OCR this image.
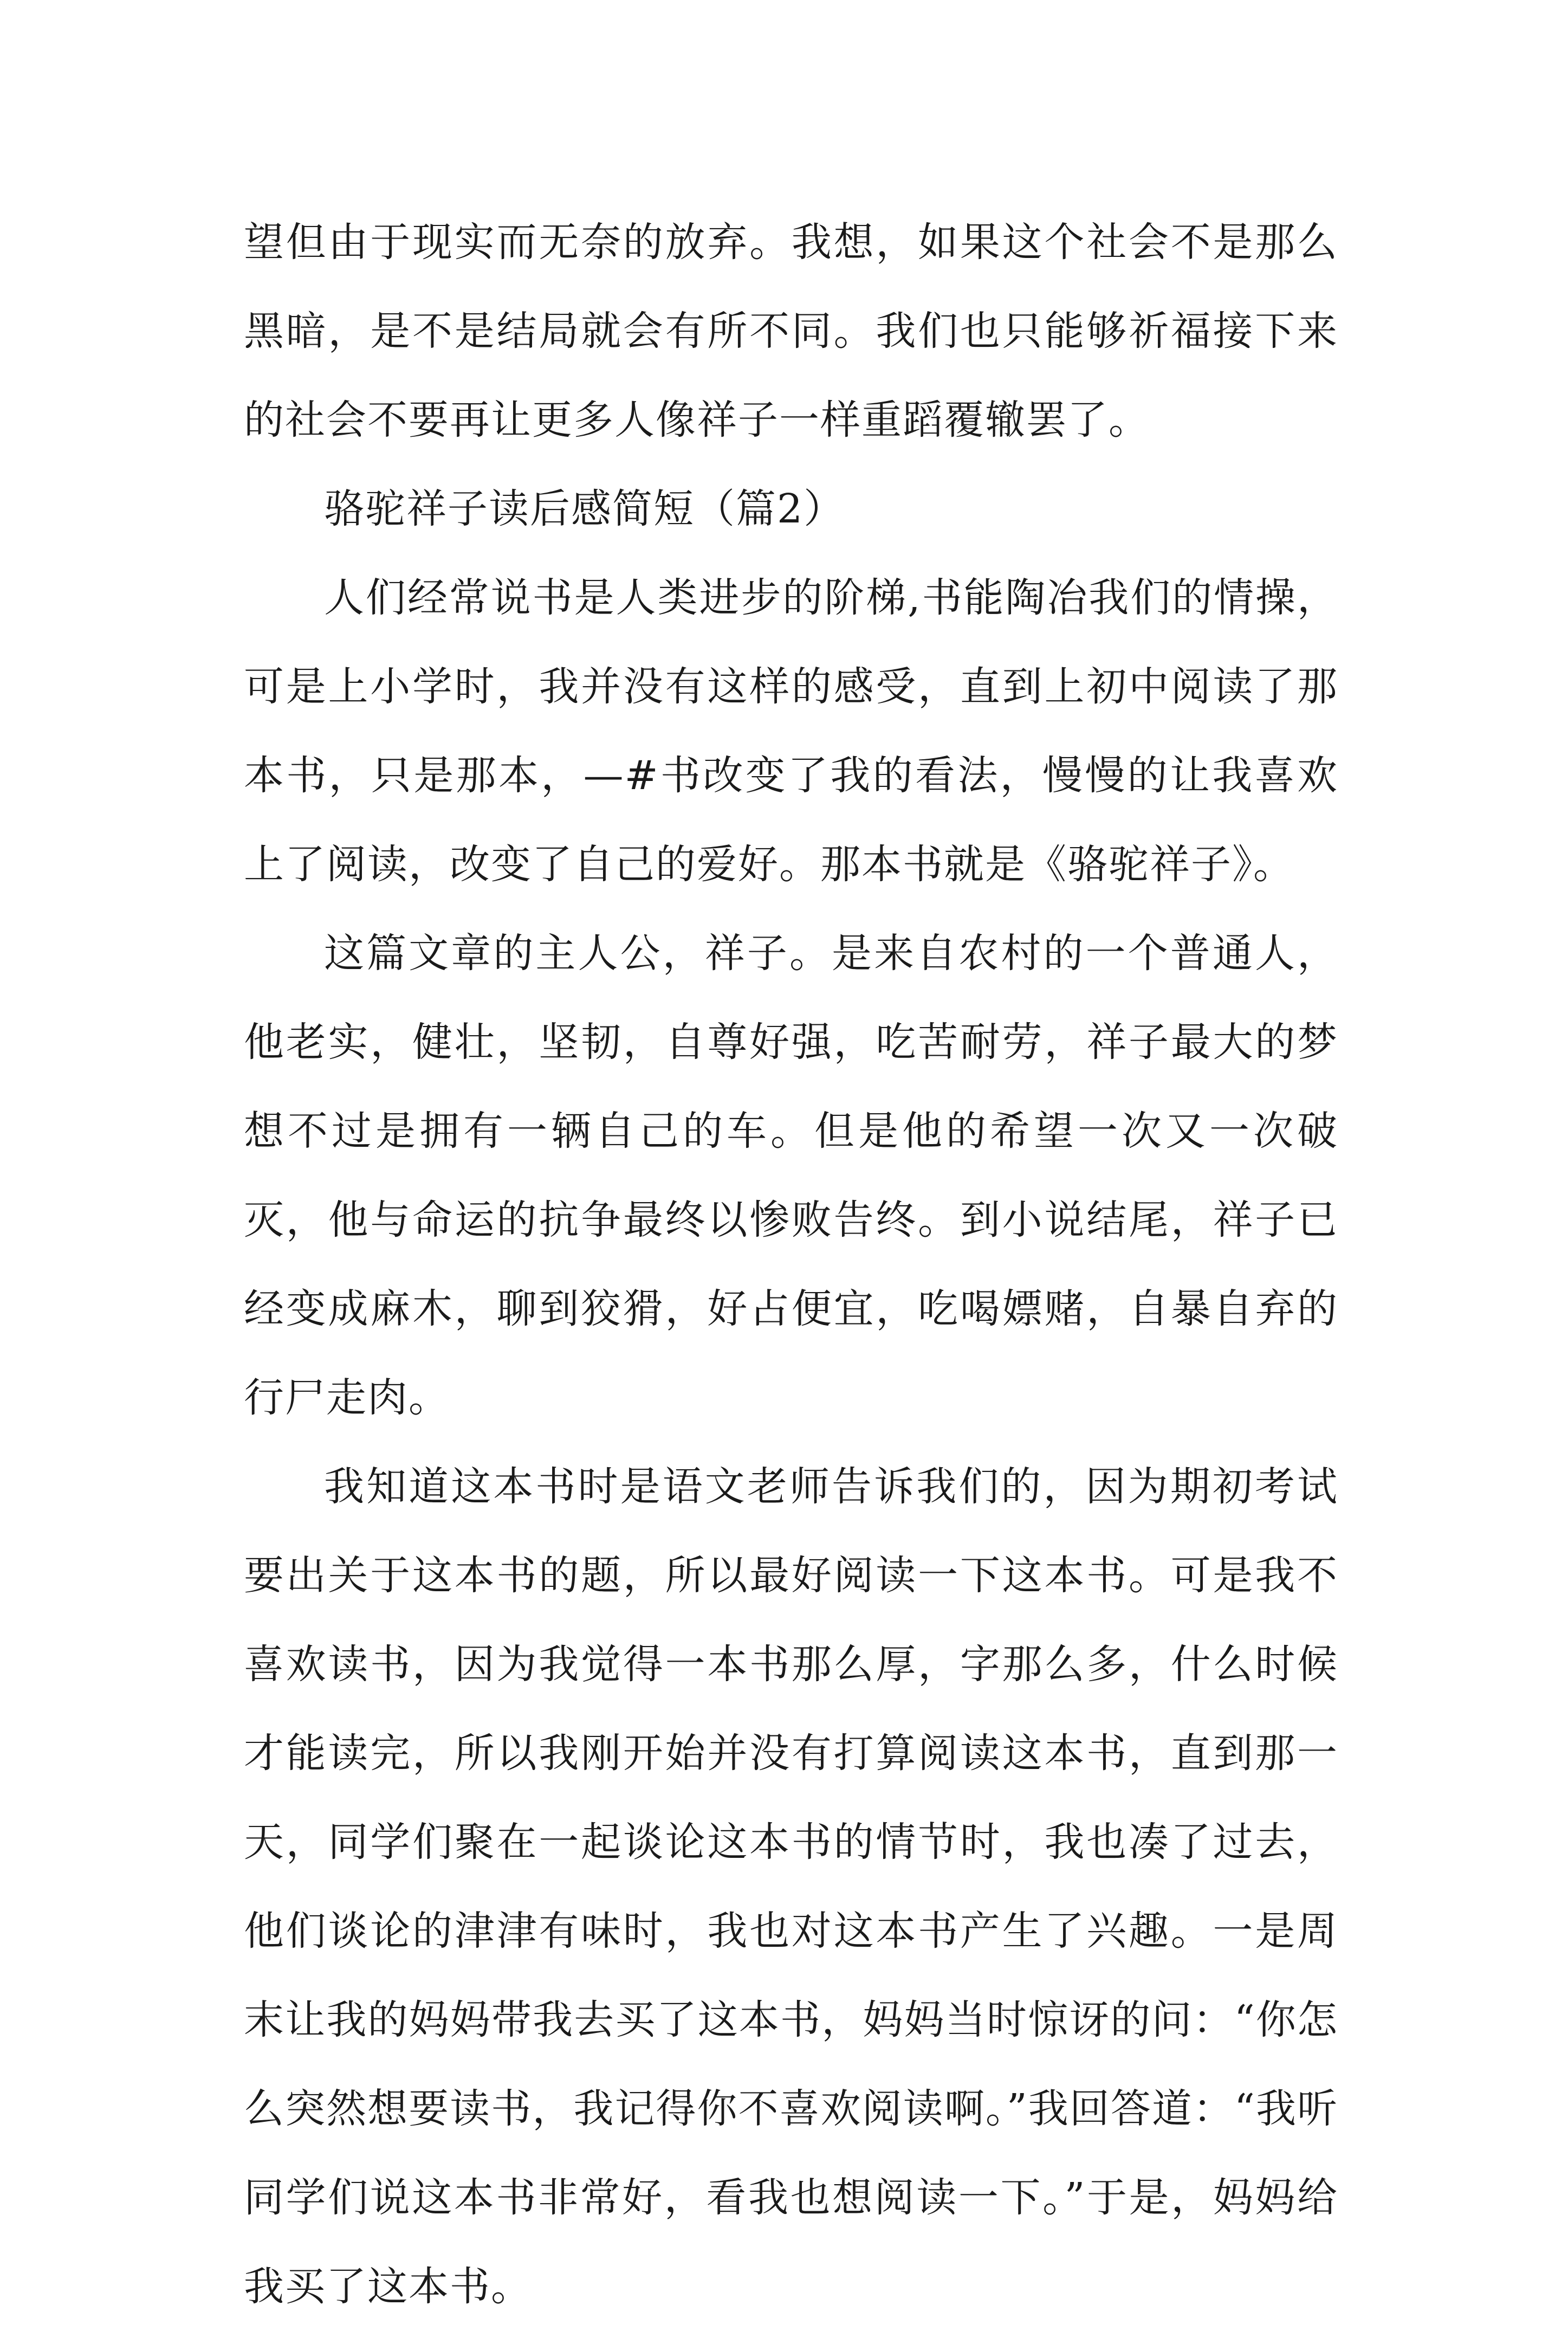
望但由于现实而无奈的放弃。我想，如果这个社会不是那么黑暗，是不是结局就会有所不同。我们也只能够祈福接下来的社会不要再让更多人像祥子一样重蹈覆辙罢了。

骆驼祥子读后感简短（篇2）

人们经常说书是人类进步的阶梯,书能陶冶我们的情操，可是上小学时，我并没有这样的感受，直到上初中阅读了那本书，只是那本，—#书改变了我的看法，慢慢的让我喜欢上了阅读，改变了自己的爱好。那本书就是《骆驼祥子》。

这篇文章的主人公，祥子。是来自农村的一个普通人，他老实，健壮，坚韧，自尊好强，吃苦耐劳，祥子最大的梦想不过是拥有一辆自己的车。但是他的希望一次又一次破灭，他与命运的抗争最终以惨败告终。到小说结尾，祥子已经变成麻木，聊到狡猾，好占便宜，吃喝嫖赌，自暴自弃的行尸走肉。

我知道这本书时是语文老师告诉我们的，因为期初考试要出关于这本书的题，所以最好阅读一下这本书。可是我不喜欢读书，因为我觉得一本书那么厚，字那么多，什么时候才能读完，所以我刚开始并没有打算阅读这本书，直到那一天，同学们聚在一起谈论这本书的情节时，我也凑了过去，他们谈论的津津有味时，我也对这本书产生了兴趣。一是周末让我的妈妈带我去买了这本书，妈妈当时惊讶的问：“你怎么突然想要读书，我记得你不喜欢阅读啊。”我回答道：“我听同学们说这本书非常好，看我也想阅读一下。”于是，妈妈给我买了这本书。
